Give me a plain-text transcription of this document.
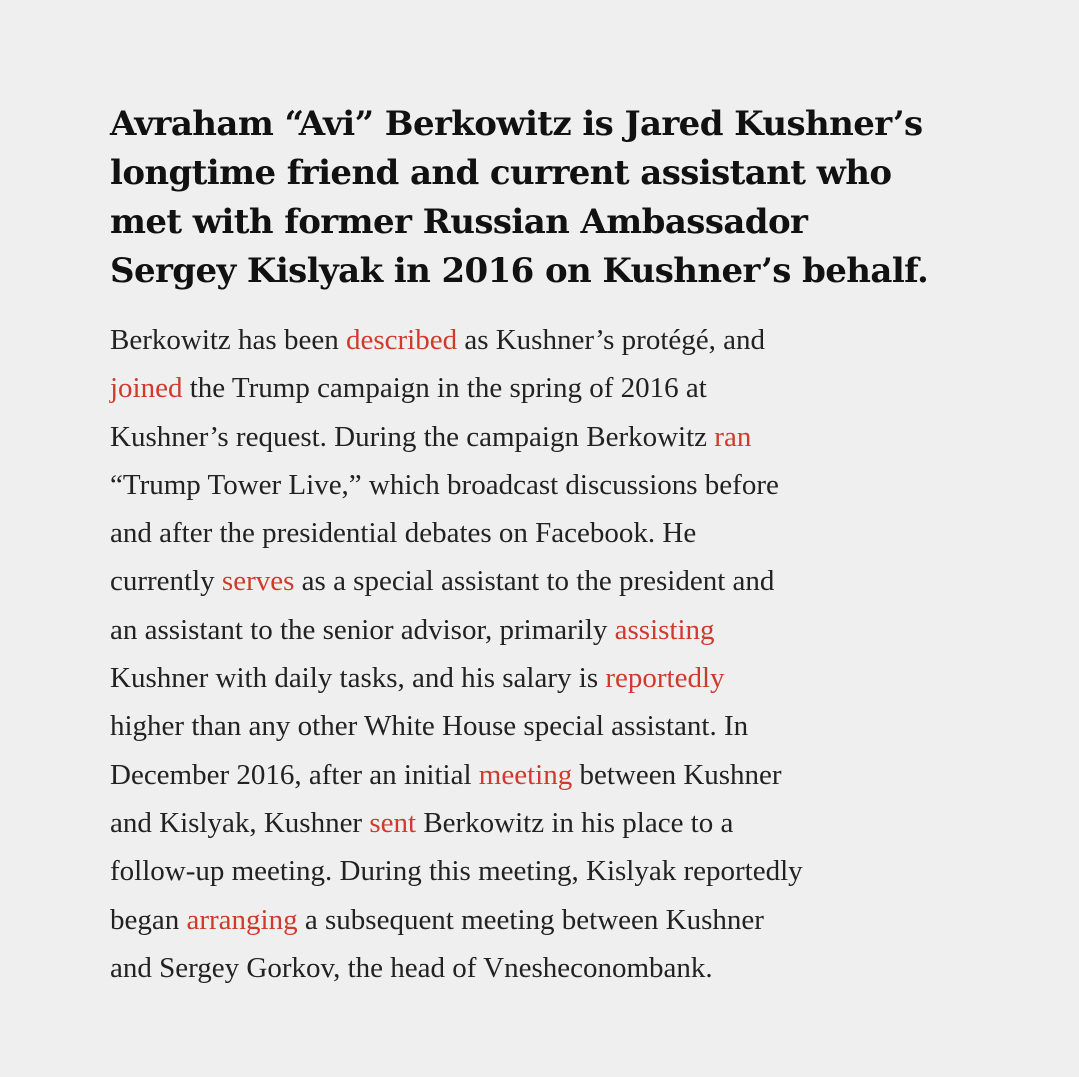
Avraham “Avi” Berkowitz is Jared Kushner’s
longtime friend and current assistant who
met with former Russian Ambassador
Sergey Kislyak in 2016 on Kushner’s behalf.

Berkowitz has been described as Kushner’s protégé, and
joined the Trump campaign in the spring of 2016 at
Kushner’s request. During the campaign Berkowitz ran
“Trump Tower Live,” which broadcast discussions before
and after the presidential debates on Facebook. He
currently serves as a special assistant to the president and
an assistant to the senior advisor, primarily assisting
Kushner with daily tasks, and his salary is reportedly
higher than any other White House special assistant. In
December 2016, after an initial meeting between Kushner
and Kislyak, Kushner sent Berkowitz in his place to a
follow-up meeting. During this meeting, Kislyak reportedly
began arranging a subsequent meeting between Kushner
and Sergey Gorkov, the head of Vnesheconombank.
